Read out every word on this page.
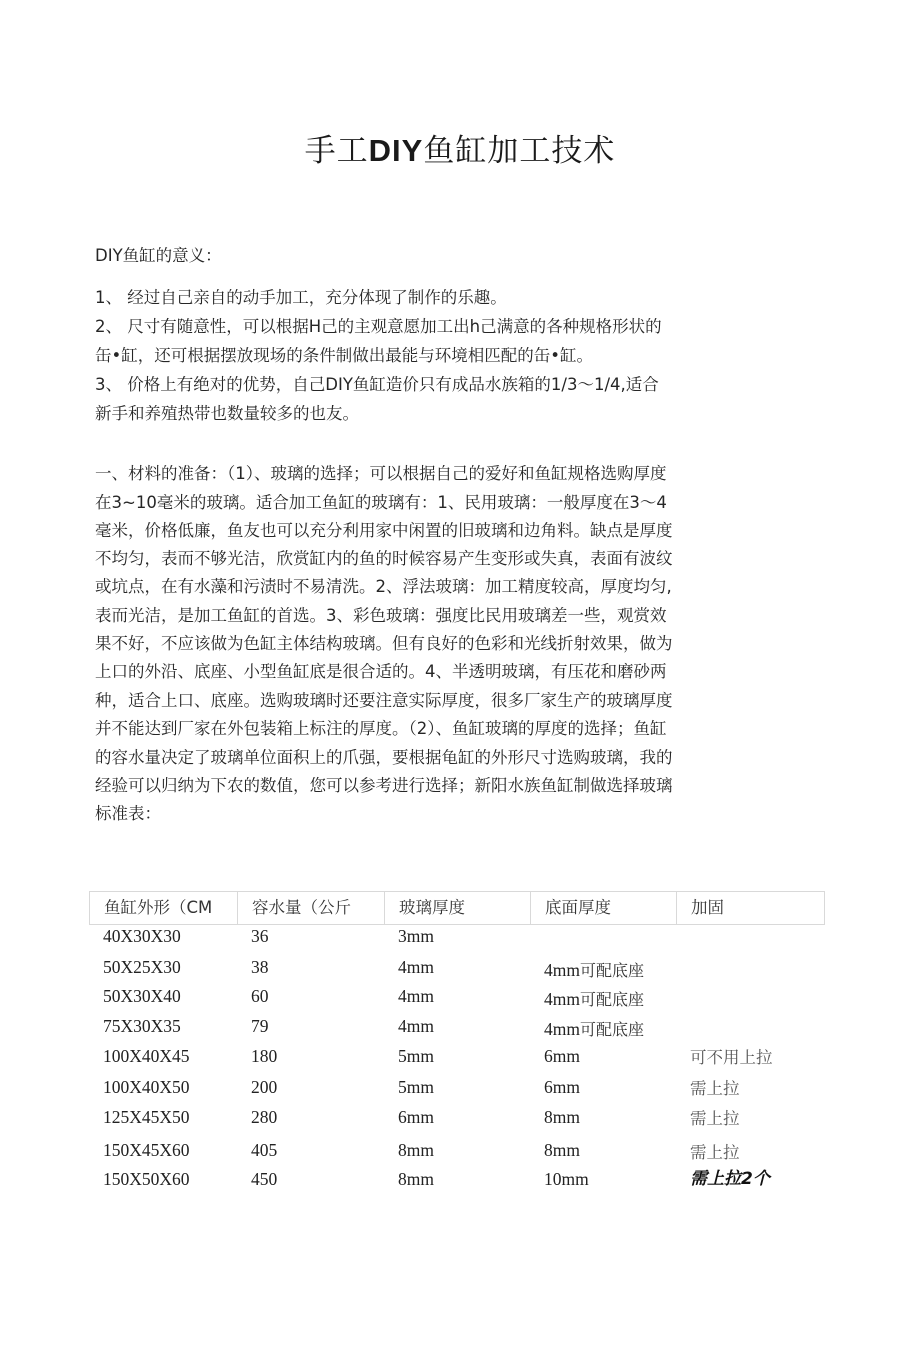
手工DIY鱼缸加工技术
DIY鱼缸的意义：
1、 经过自己亲自的动手加工，充分体现了制作的乐趣。
2、 尺寸有随意性，可以根据H己的主观意愿加工出h己满意的各种规格形状的
缶•缸，还可根据摆放现场的条件制做出最能与环境相匹配的缶•缸。
3、 价格上有绝对的优势，自己DIY鱼缸造价只有成品水族箱的1/3～1/4,适合
新手和养殖热带也数量较多的也友。
一、材料的准备：（1）、玻璃的选择；可以根据自己的爱好和鱼缸规格选购厚度
在3~10毫米的玻璃。适合加工鱼缸的玻璃有：1、民用玻璃：一般厚度在3～4
毫米，价格低廉，鱼友也可以充分利用家中闲置的旧玻璃和边角料。缺点是厚度
不均匀，表而不够光洁，欣赏缸内的鱼的时候容易产生变形或失真，表面有波纹
或坑点，在有水藻和污渍时不易清洗。2、浮法玻璃：加工精度较高，厚度均匀,
表而光洁，是加工鱼缸的首选。3、彩色玻璃：强度比民用玻璃差一些，观赏效
果不好，不应该做为色缸主体结构玻璃。但有良好的色彩和光线折射效果，做为
上口的外沿、底座、小型鱼缸底是很合适的。4、半透明玻璃，有压花和磨砂两
种，适合上口、底座。选购玻璃时还要注意实际厚度，很多厂家生产的玻璃厚度
并不能达到厂家在外包装箱上标注的厚度。（2）、鱼缸玻璃的厚度的选择；鱼缸
的容水量决定了玻璃单位面积上的爪强，要根据龟缸的外形尺寸选购玻璃，我的
经验可以归纳为下农的数值，您可以参考进行选择；新阳水族鱼缸制做选择玻璃
标准表：
鱼缸外形（CM	容水量（公斤	玻璃厚度	底面厚度	加固
40X30X30	36	3mm
50X25X30	38	4mm	4mm可配底座
50X30X40	60	4mm	4mm可配底座
75X30X35	79	4mm	4mm可配底座
100X40X45	180	5mm	6mm	可不用上拉
100X40X50	200	5mm	6mm	需上拉
125X45X50	280	6mm	8mm	需上拉
150X45X60	405	8mm	8mm	需上拉
150X50X60	450	8mm	10mm	需上拉2个
